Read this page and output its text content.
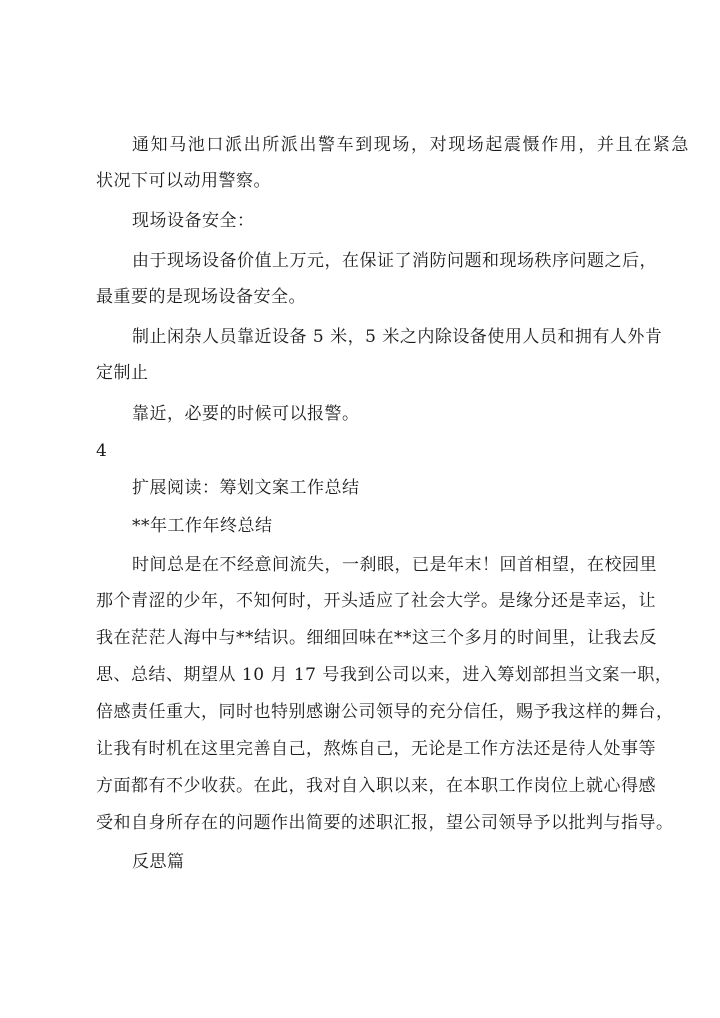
通知马池口派出所派出警车到现场，对现场起震慑作用，并且在紧急
状况下可以动用警察。
现场设备安全：
由于现场设备价值上万元，在保证了消防问题和现场秩序问题之后，
最重要的是现场设备安全。
制止闲杂人员靠近设备 5 米，5 米之内除设备使用人员和拥有人外肯
定制止
靠近，必要的时候可以报警。
4
扩展阅读：筹划文案工作总结
**年工作年终总结
时间总是在不经意间流失，一刹眼，已是年末！回首相望，在校园里
那个青涩的少年，不知何时，开头适应了社会大学。是缘分还是幸运，让
我在茫茫人海中与**结识。细细回味在**这三个多月的时间里，让我去反
思、总结、期望从 10 月 17 号我到公司以来，进入筹划部担当文案一职，
倍感责任重大，同时也特别感谢公司领导的充分信任，赐予我这样的舞台，
让我有时机在这里完善自己，熬炼自己，无论是工作方法还是待人处事等
方面都有不少收获。在此，我对自入职以来，在本职工作岗位上就心得感
受和自身所存在的问题作出简要的述职汇报，望公司领导予以批判与指导。
反思篇
